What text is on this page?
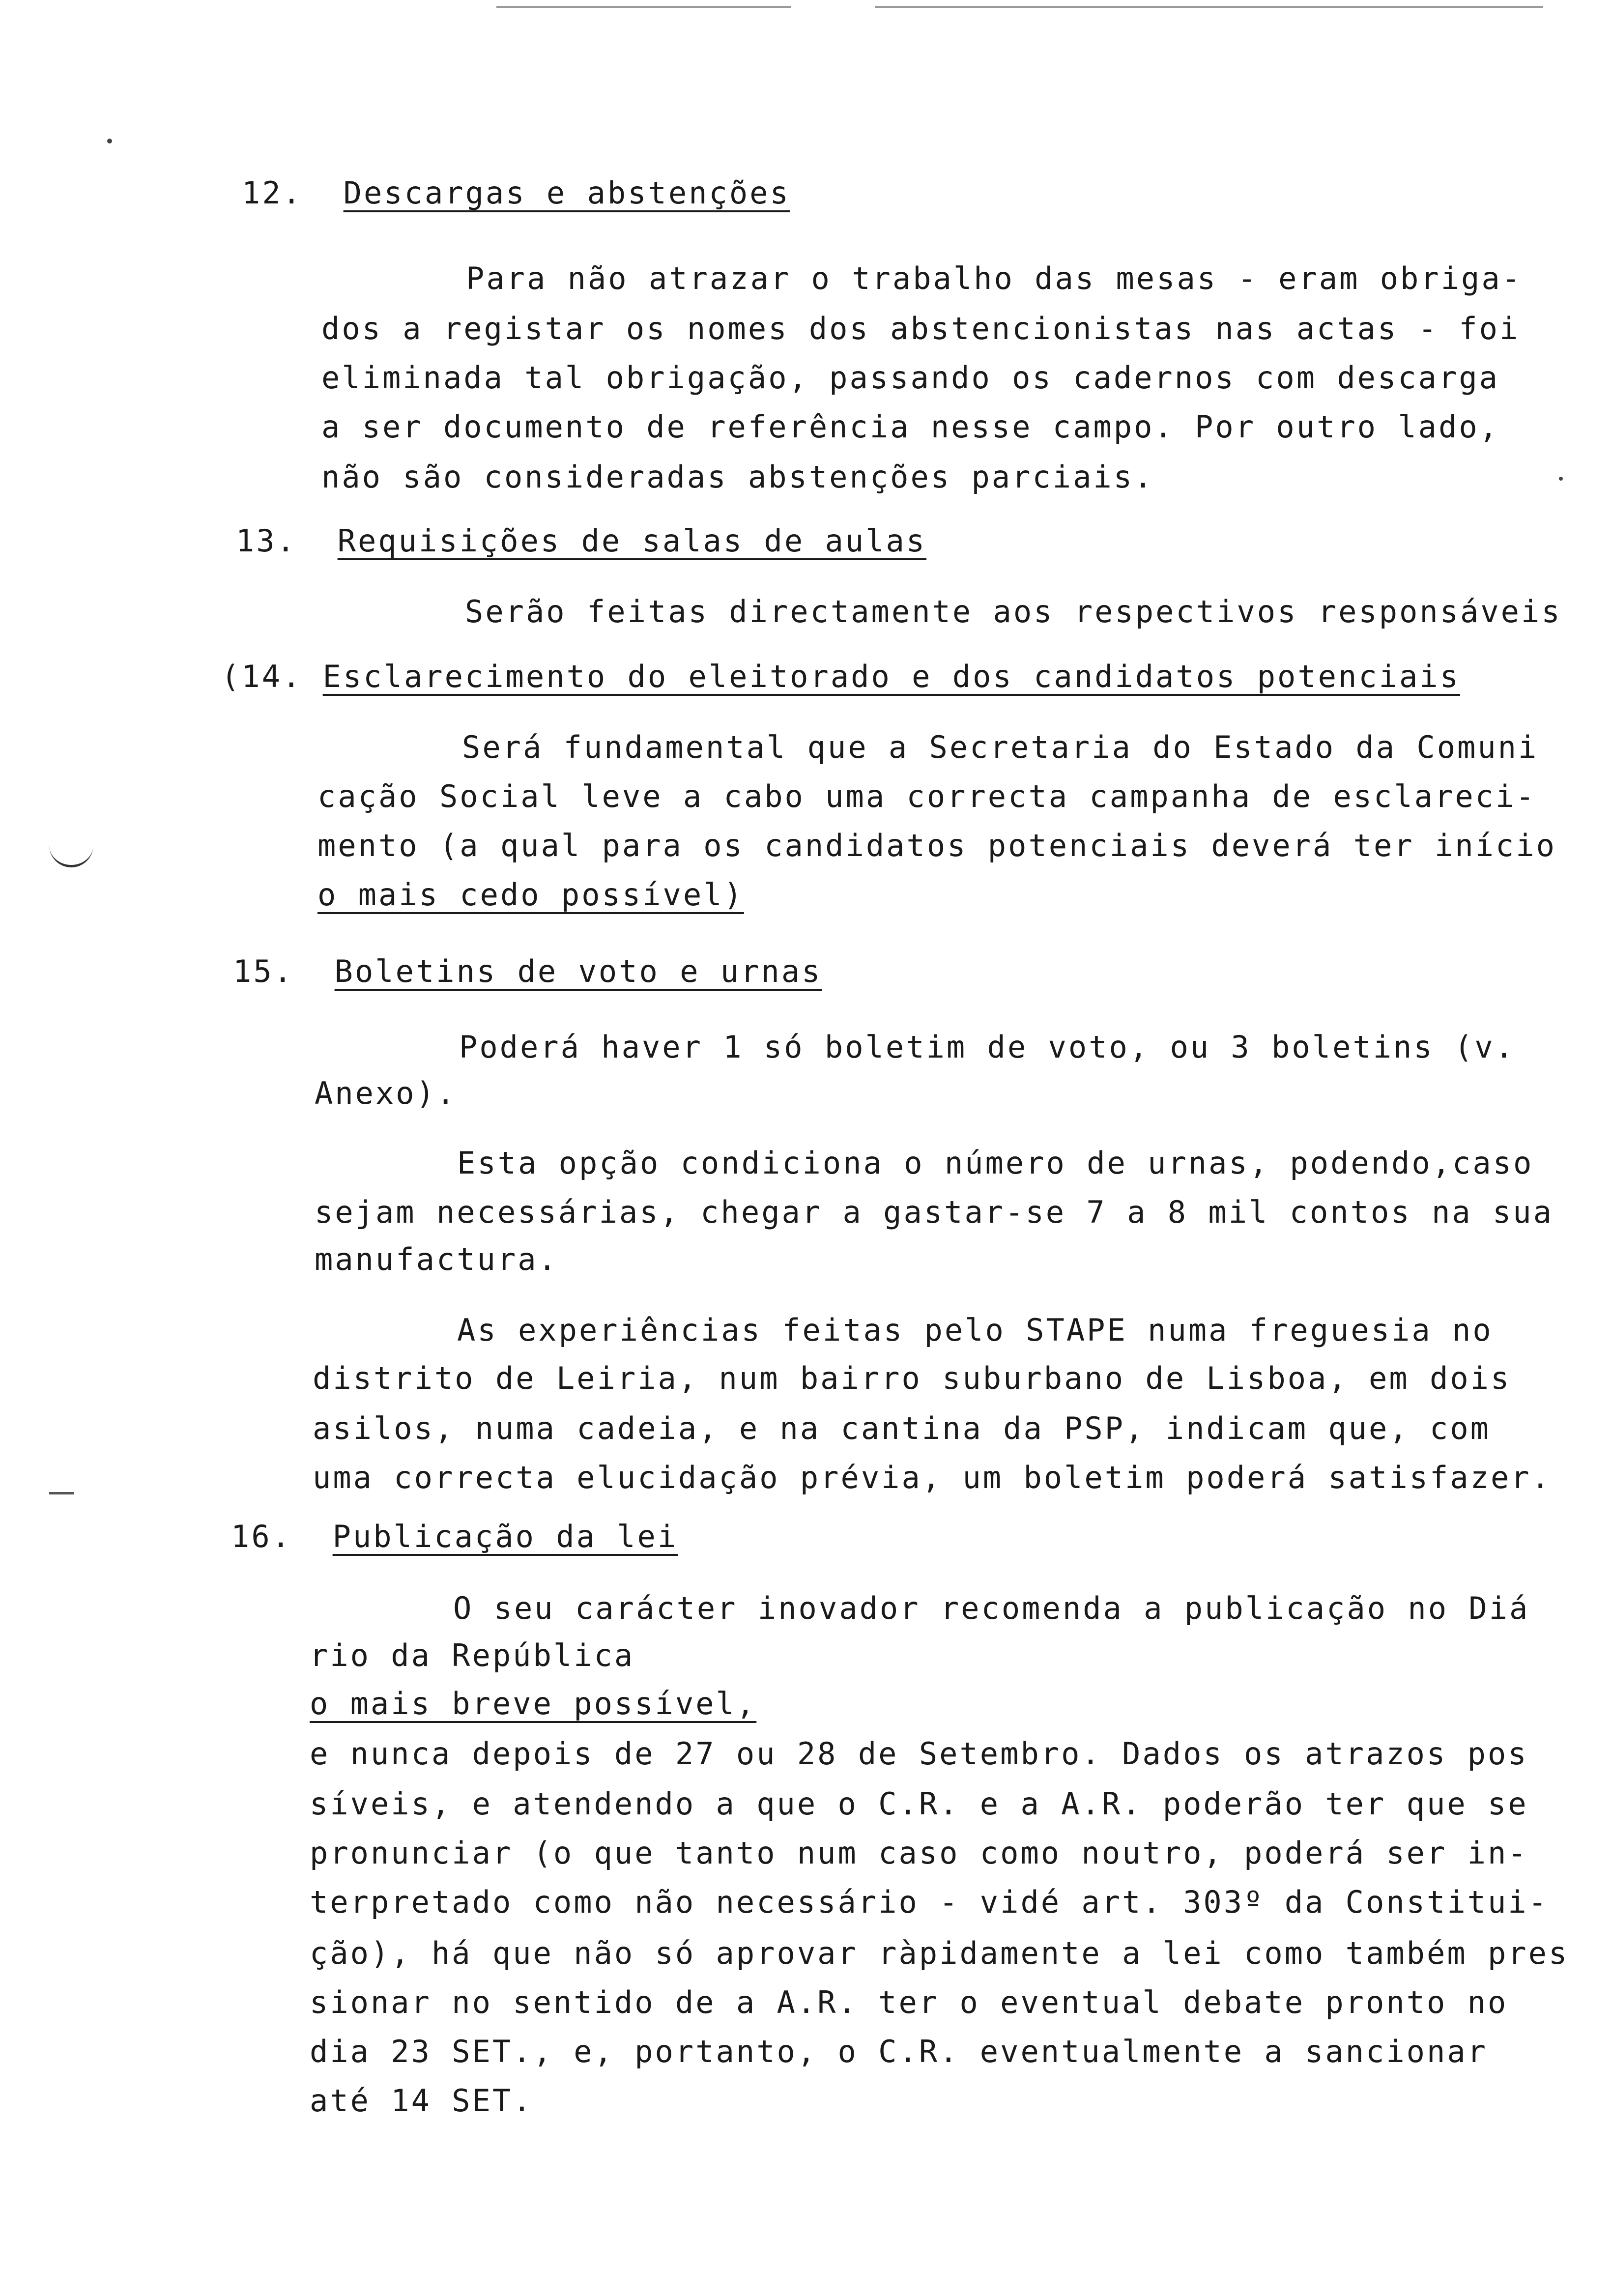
12. Descargas e abstenções
Para não atrazar o trabalho das mesas - eram obriga-
dos a registar os nomes dos abstencionistas nas actas - foi
eliminada tal obrigação, passando os cadernos com descarga
a ser documento de referência nesse campo. Por outro lado,
não são consideradas abstenções parciais.
13. Requisições de salas de aulas
Serão feitas directamente aos respectivos responsáveis
(14. Esclarecimento do eleitorado e dos candidatos potenciais
Será fundamental que a Secretaria do Estado da Comuni
cação Social leve a cabo uma correcta campanha de esclareci-
mento (a qual para os candidatos potenciais deverá ter início
o mais cedo possível)
15. Boletins de voto e urnas
Poderá haver 1 só boletim de voto, ou 3 boletins (v.
Anexo).
Esta opção condiciona o número de urnas, podendo,caso
sejam necessárias, chegar a gastar-se 7 a 8 mil contos na sua
manufactura.
As experiências feitas pelo STAPE numa freguesia no
distrito de Leiria, num bairro suburbano de Lisboa, em dois
asilos, numa cadeia, e na cantina da PSP, indicam que, com
uma correcta elucidação prévia, um boletim poderá satisfazer.
16. Publicação da lei
O seu carácter inovador recomenda a publicação no Diá
rio da República
o mais breve possível,
e nunca depois de 27 ou 28 de Setembro. Dados os atrazos pos
síveis, e atendendo a que o C.R. e a A.R. poderão ter que se
pronunciar (o que tanto num caso como noutro, poderá ser in-
terpretado como não necessário - vidé art. 303º da Constitui-
ção), há que não só aprovar ràpidamente a lei como também pres
sionar no sentido de a A.R. ter o eventual debate pronto no
dia 23 SET., e, portanto, o C.R. eventualmente a sancionar
até 14 SET.
